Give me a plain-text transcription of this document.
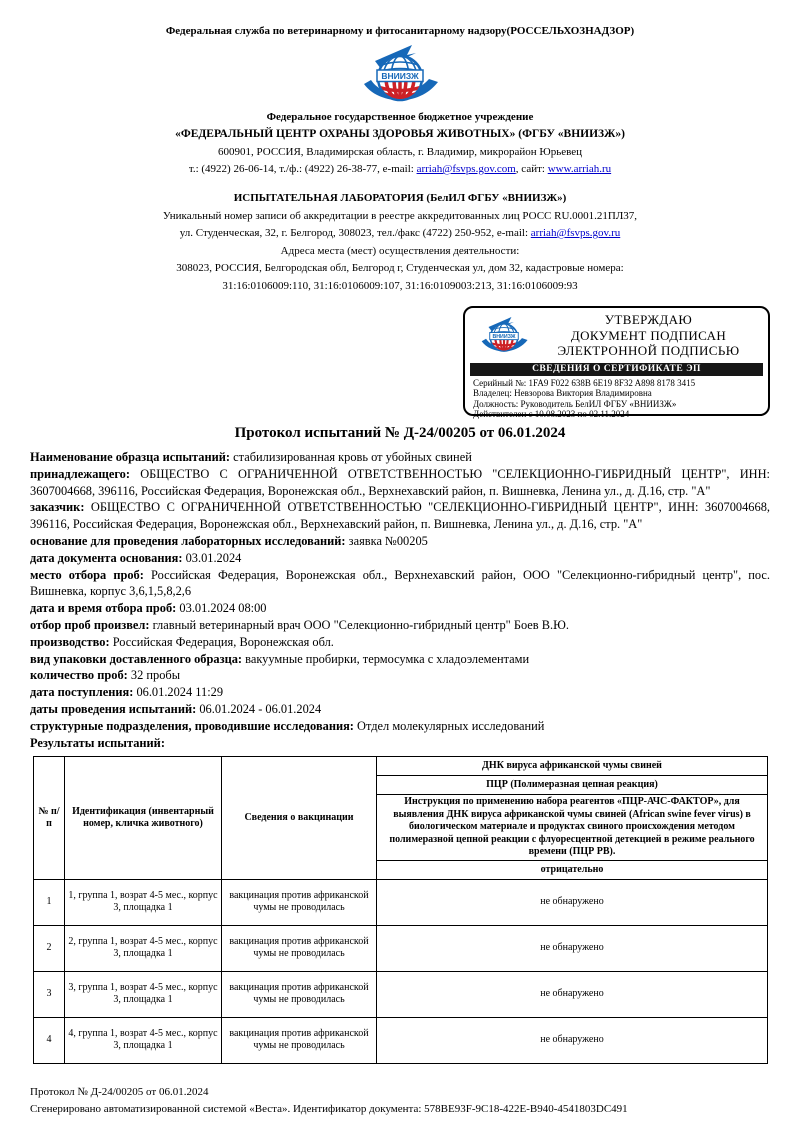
Федеральная служба по ветеринарному и фитосанитарному надзору(РОССЕЛЬХОЗНАДЗОР)

Федеральное государственное бюджетное учреждение

«ФЕДЕРАЛЬНЫЙ ЦЕНТР ОХРАНЫ ЗДОРОВЬЯ ЖИВОТНЫХ» (ФГБУ «ВНИИЗЖ»)

600901, РОССИЯ, Владимирская область, г. Владимир, микрорайон Юрьевец

т.: (4922) 26-06-14, т./ф.: (4922) 26-38-77, e-mail: arriah@fsvps.gov.com, сайт: www.arriah.ru

ИСПЫТАТЕЛЬНАЯ ЛАБОРАТОРИЯ (БелИЛ ФГБУ «ВНИИЗЖ»)

Уникальный номер записи об аккредитации в реестре аккредитованных лиц РОСС RU.0001.21ПЛ37,

ул. Студенческая, 32, г. Белгород, 308023, тел./факс (4722) 250-952, e-mail: arriah@fsvps.gov.ru

Адреса места (мест) осуществления деятельности:

308023, РОССИЯ, Белгородская обл, Белгород г, Студенческая ул, дом 32, кадастровые номера:

31:16:0106009:110, 31:16:0106009:107, 31:16:0109003:213, 31:16:0106009:93

УТВЕРЖДАЮ

ДОКУМЕНТ ПОДПИСАН

ЭЛЕКТРОННОЙ ПОДПИСЬЮ

СВЕДЕНИЯ О СЕРТИФИКАТЕ ЭП

Серийный №: 1FA9 F022 638B 6E19 8F32 A898 8178 3415

Владелец: Невзорова Виктория Владимировна

Должность: Руководитель БелИЛ ФГБУ «ВНИИЗЖ»

Действителен с 10.08.2023 по 02.11.2024

Протокол испытаний № Д-24/00205 от 06.01.2024

Наименование образца испытаний: стабилизированная кровь от убойных свиней

принадлежащего: ОБЩЕСТВО С ОГРАНИЧЕННОЙ ОТВЕТСТВЕННОСТЬЮ "СЕЛЕКЦИОННО-ГИБРИДНЫЙ ЦЕНТР", ИНН: 3607004668, 396116, Российская Федерация, Воронежская обл., Верхнехавский район, п. Вишневка, Ленина ул., д. Д.16, стр. "А"

заказчик: ОБЩЕСТВО С ОГРАНИЧЕННОЙ ОТВЕТСТВЕННОСТЬЮ "СЕЛЕКЦИОННО-ГИБРИДНЫЙ ЦЕНТР", ИНН: 3607004668, 396116, Российская Федерация, Воронежская обл., Верхнехавский район, п. Вишневка, Ленина ул., д. Д.16, стр. "А"

основание для проведения лабораторных исследований: заявка №00205

дата документа основания: 03.01.2024

место отбора проб: Российская Федерация, Воронежская обл., Верхнехавский район, ООО "Селекционно-гибридный центр", пос. Вишневка, корпус 3,6,1,5,8,2,6

дата и время отбора проб: 03.01.2024 08:00

отбор проб произвел: главный ветеринарный врач ООО "Селекционно-гибридный центр" Боев В.Ю.

производство: Российская Федерация, Воронежская обл.

вид упаковки доставленного образца: вакуумные пробирки, термосумка с хладоэлементами

количество проб: 32 пробы

дата поступления: 06.01.2024 11:29

даты проведения испытаний: 06.01.2024 - 06.01.2024

структурные подразделения, проводившие исследования: Отдел молекулярных исследований

Результаты испытаний:

№ п/п	Идентификация (инвентарный номер, кличка животного)	Сведения о вакцинации	ДНК вируса африканской чумы свиней
			ПЦР (Полимеразная цепная реакция)
			Инструкция по применению набора реагентов «ПЦР-АЧС-ФАКТОР», для выявления ДНК вируса африканской чумы свиней (African swine fever virus) в биологическом материале и продуктах свиного происхождения методом полимеразной цепной реакции с флуоресцентной детекцией в режиме реального времени (ПЦР РВ).
			отрицательно
1	1, группа 1, возрат 4-5 мес., корпус 3, площадка 1	вакцинация против африканской чумы не проводилась	не обнаружено
2	2, группа 1, возрат 4-5 мес., корпус 3, площадка 1	вакцинация против африканской чумы не проводилась	не обнаружено
3	3, группа 1, возрат 4-5 мес., корпус 3, площадка 1	вакцинация против африканской чумы не проводилась	не обнаружено
4	4, группа 1, возрат 4-5 мес., корпус 3, площадка 1	вакцинация против африканской чумы не проводилась	не обнаружено

Протокол № Д-24/00205 от 06.01.2024

Сгенерировано автоматизированной системой «Веста». Идентификатор документа: 578BE93F-9C18-422E-B940-4541803DC491
